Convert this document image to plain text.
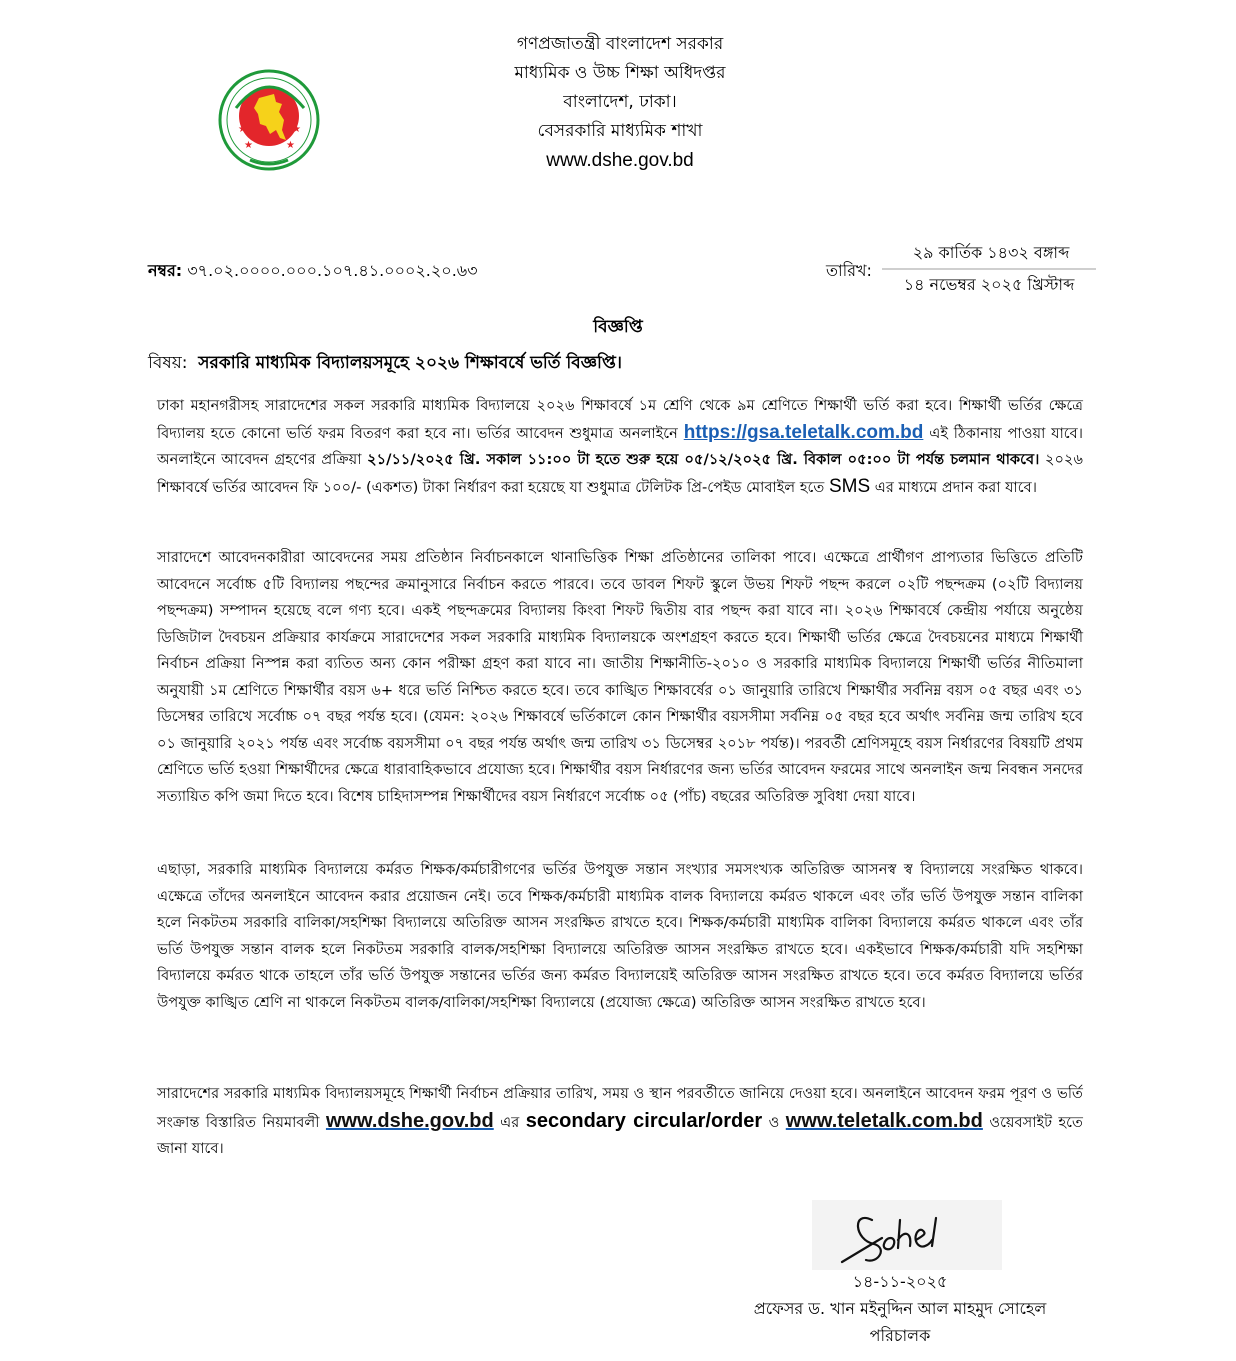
★	★
★	★
গণপ্রজাতন্ত্রী বাংলাদেশ সরকার
মাধ্যমিক ও উচ্চ শিক্ষা অধিদপ্তর
বাংলাদেশ, ঢাকা।
বেসরকারি মাধ্যমিক শাখা
www.dshe.gov.bd
নম্বর: ৩৭.০২.০০০০.০০০.১০৭.৪১.০০০২.২০.৬৩	তারিখ:
২৯ কার্তিক ১৪৩২ বঙ্গাব্দ
১৪ নভেম্বর ২০২৫ খ্রিস্টাব্দ
বিজ্ঞপ্তি
বিষয়: সরকারি মাধ্যমিক বিদ্যালয়সমূহে ২০২৬ শিক্ষাবর্ষে ভর্তি বিজ্ঞপ্তি।
ঢাকা মহানগরীসহ সারাদেশের সকল সরকারি মাধ্যমিক বিদ্যালয়ে ২০২৬ শিক্ষাবর্ষে ১ম শ্রেণি থেকে ৯ম শ্রেণিতে শিক্ষার্থী ভর্তি করা হবে। শিক্ষার্থী ভর্তির ক্ষেত্রে বিদ্যালয় হতে কোনো ভর্তি ফরম বিতরণ করা হবে না। ভর্তির আবেদন শুধুমাত্র অনলাইনে https://gsa.teletalk.com.bd এই ঠিকানায় পাওয়া যাবে। অনলাইনে আবেদন গ্রহণের প্রক্রিয়া ২১/১১/২০২৫ খ্রি. সকাল ১১:০০ টা হতে শুরু হয়ে ০৫/১২/২০২৫ খ্রি. বিকাল ০৫:০০ টা পর্যন্ত চলমান থাকবে। ২০২৬ শিক্ষাবর্ষে ভর্তির আবেদন ফি ১০০/- (একশত) টাকা নির্ধারণ করা হয়েছে যা শুধুমাত্র টেলিটক প্রি-পেইড মোবাইল হতে SMS এর মাধ্যমে প্রদান করা যাবে।
সারাদেশে আবেদনকারীরা আবেদনের সময় প্রতিষ্ঠান নির্বাচনকালে থানাভিত্তিক শিক্ষা প্রতিষ্ঠানের তালিকা পাবে। এক্ষেত্রে প্রার্থীগণ প্রাপ্যতার ভিত্তিতে প্রতিটি আবেদনে সর্বোচ্চ ৫টি বিদ্যালয় পছন্দের ক্রমানুসারে নির্বাচন করতে পারবে। তবে ডাবল শিফট স্কুলে উভয় শিফট পছন্দ করলে ০২টি পছন্দক্রম (০২টি বিদ্যালয় পছন্দক্রম) সম্পাদন হয়েছে বলে গণ্য হবে। একই পছন্দক্রমের বিদ্যালয় কিংবা শিফট দ্বিতীয় বার পছন্দ করা যাবে না। ২০২৬ শিক্ষাবর্ষে কেন্দ্রীয় পর্যায়ে অনুষ্ঠেয় ডিজিটাল দৈবচয়ন প্রক্রিয়ার কার্যক্রমে সারাদেশের সকল সরকারি মাধ্যমিক বিদ্যালয়কে অংশগ্রহণ করতে হবে। শিক্ষার্থী ভর্তির ক্ষেত্রে দৈবচয়নের মাধ্যমে শিক্ষার্থী নির্বাচন প্রক্রিয়া নিস্পন্ন করা ব্যতিত অন্য কোন পরীক্ষা গ্রহণ করা যাবে না। জাতীয় শিক্ষানীতি-২০১০ ও সরকারি মাধ্যমিক বিদ্যালয়ে শিক্ষার্থী ভর্তির নীতিমালা অনুযায়ী ১ম শ্রেণিতে শিক্ষার্থীর বয়স ৬+ ধরে ভর্তি নিশ্চিত করতে হবে। তবে কাঙ্খিত শিক্ষাবর্ষের ০১ জানুয়ারি তারিখে শিক্ষার্থীর সর্বনিম্ন বয়স ০৫ বছর এবং ৩১ ডিসেম্বর তারিখে সর্বোচ্চ ০৭ বছর পর্যন্ত হবে। (যেমন: ২০২৬ শিক্ষাবর্ষে ভর্তিকালে কোন শিক্ষার্থীর বয়সসীমা সর্বনিম্ন ০৫ বছর হবে অর্থাৎ সর্বনিম্ন জন্ম তারিখ হবে ০১ জানুয়ারি ২০২১ পর্যন্ত এবং সর্বোচ্চ বয়সসীমা ০৭ বছর পর্যন্ত অর্থাৎ জন্ম তারিখ ৩১ ডিসেম্বর ২০১৮ পর্যন্ত)। পরবর্তী শ্রেণিসমূহে বয়স নির্ধারণের বিষয়টি প্রথম শ্রেণিতে ভর্তি হওয়া শিক্ষার্থীদের ক্ষেত্রে ধারাবাহিকভাবে প্রযোজ্য হবে। শিক্ষার্থীর বয়স নির্ধারণের জন্য ভর্তির আবেদন ফরমের সাথে অনলাইন জন্ম নিবন্ধন সনদের সত্যায়িত কপি জমা দিতে হবে। বিশেষ চাহিদাসম্পন্ন শিক্ষার্থীদের বয়স নির্ধারণে সর্বোচ্চ ০৫ (পাঁচ) বছরের অতিরিক্ত সুবিধা দেয়া যাবে।
এছাড়া, সরকারি মাধ্যমিক বিদ্যালয়ে কর্মরত শিক্ষক/কর্মচারীগণের ভর্তির উপযুক্ত সন্তান সংখ্যার সমসংখ্যক অতিরিক্ত আসনস্ব স্ব বিদ্যালয়ে সংরক্ষিত থাকবে। এক্ষেত্রে তাঁদের অনলাইনে আবেদন করার প্রয়োজন নেই। তবে শিক্ষক/কর্মচারী মাধ্যমিক বালক বিদ্যালয়ে কর্মরত থাকলে এবং তাঁর ভর্তি উপযুক্ত সন্তান বালিকা হলে নিকটতম সরকারি বালিকা/সহশিক্ষা বিদ্যালয়ে অতিরিক্ত আসন সংরক্ষিত রাখতে হবে। শিক্ষক/কর্মচারী মাধ্যমিক বালিকা বিদ্যালয়ে কর্মরত থাকলে এবং তাঁর ভর্তি উপযুক্ত সন্তান বালক হলে নিকটতম সরকারি বালক/সহশিক্ষা বিদ্যালয়ে অতিরিক্ত আসন সংরক্ষিত রাখতে হবে। একইভাবে শিক্ষক/কর্মচারী যদি সহশিক্ষা বিদ্যালয়ে কর্মরত থাকে তাহলে তাঁর ভর্তি উপযুক্ত সন্তানের ভর্তির জন্য কর্মরত বিদ্যালয়েই অতিরিক্ত আসন সংরক্ষিত রাখতে হবে। তবে কর্মরত বিদ্যালয়ে ভর্তির উপযুক্ত কাঙ্খিত শ্রেণি না থাকলে নিকটতম বালক/বালিকা/সহশিক্ষা বিদ্যালয়ে (প্রযোজ্য ক্ষেত্রে) অতিরিক্ত আসন সংরক্ষিত রাখতে হবে।
সারাদেশের সরকারি মাধ্যমিক বিদ্যালয়সমূহে শিক্ষার্থী নির্বাচন প্রক্রিয়ার তারিখ, সময় ও স্থান পরবর্তীতে জানিয়ে দেওয়া হবে। অনলাইনে আবেদন ফরম পূরণ ও ভর্তি সংক্রান্ত বিস্তারিত নিয়মাবলী www.dshe.gov.bd এর secondary circular/order ও www.teletalk.com.bd ওয়েবসাইট হতে জানা যাবে।
১৪-১১-২০২৫
প্রফেসর ড. খান মইনুদ্দিন আল মাহমুদ সোহেল
পরিচালক
